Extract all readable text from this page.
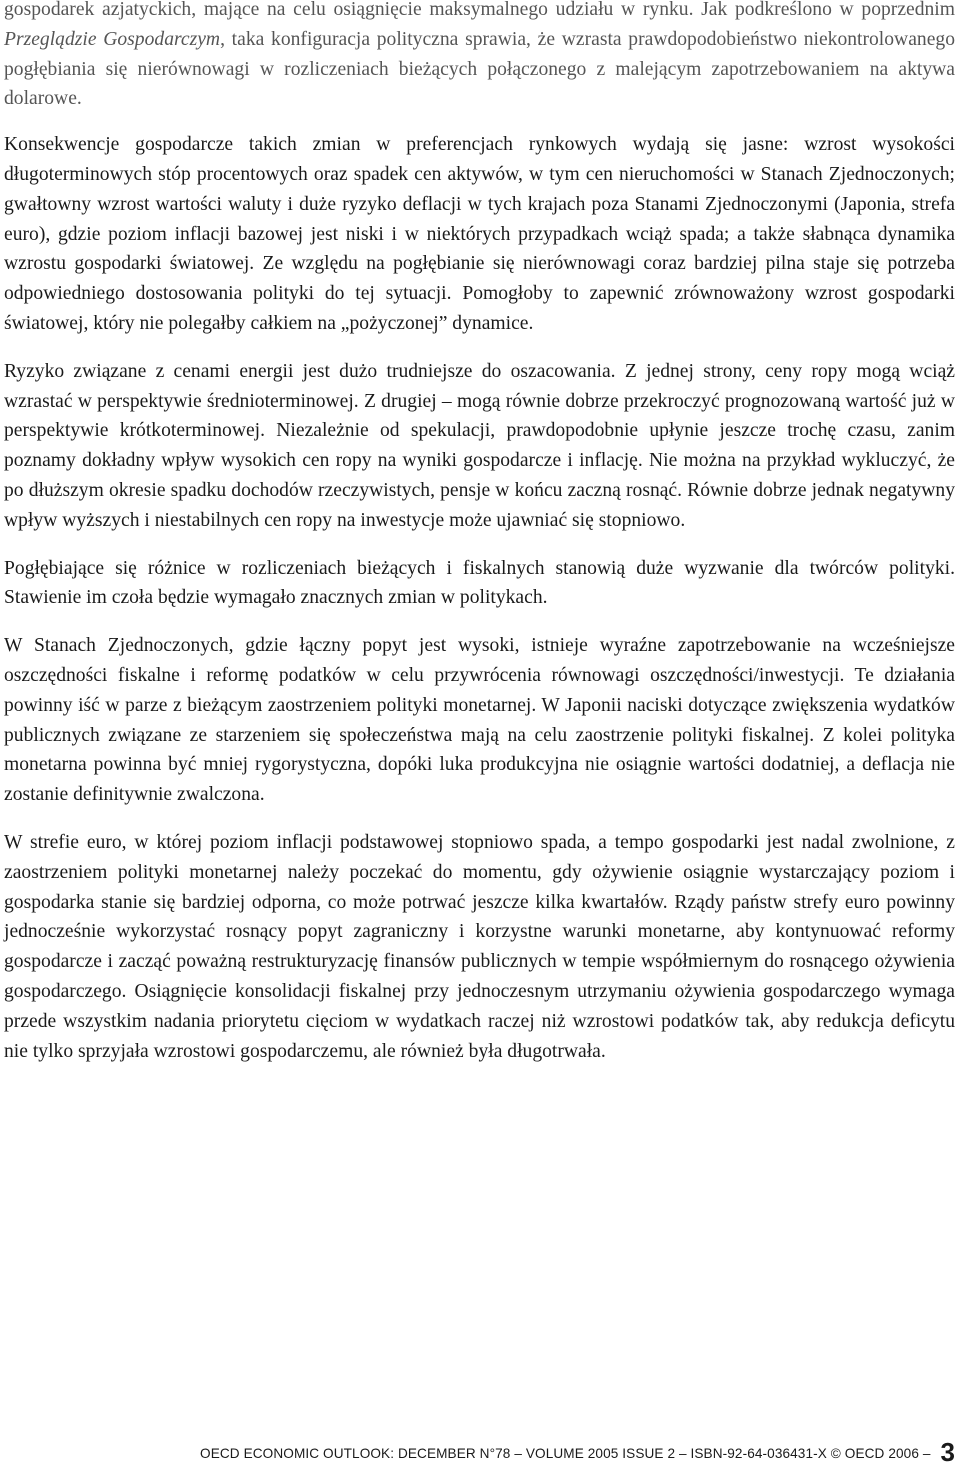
gospodarek azjatyckich, mające na celu osiągnięcie maksymalnego udziału w rynku. Jak podkreślono w poprzednim Przeglądzie Gospodarczym, taka konfiguracja polityczna sprawia, że wzrasta prawdopodobieństwo niekontrolowanego pogłębiania się nierównowagi w rozliczeniach bieżących połączonego z malejącym zapotrzebowaniem na aktywa dolarowe.

Konsekwencje gospodarcze takich zmian w preferencjach rynkowych wydają się jasne: wzrost wysokości długoterminowych stóp procentowych oraz spadek cen aktywów, w tym cen nieruchomości w Stanach Zjednoczonych; gwałtowny wzrost wartości waluty i duże ryzyko deflacji w tych krajach poza Stanami Zjednoczonymi (Japonia, strefa euro), gdzie poziom inflacji bazowej jest niski i w niektórych przypadkach wciąż spada; a także słabnąca dynamika wzrostu gospodarki światowej. Ze względu na pogłębianie się nierównowagi coraz bardziej pilna staje się potrzeba odpowiedniego dostosowania polityki do tej sytuacji. Pomogłoby to zapewnić zrównoważony wzrost gospodarki światowej, który nie polegałby całkiem na „pożyczonej” dynamice.

Ryzyko związane z cenami energii jest dużo trudniejsze do oszacowania. Z jednej strony, ceny ropy mogą wciąż wzrastać w perspektywie średnioterminowej. Z drugiej – mogą równie dobrze przekroczyć prognozowaną wartość już w perspektywie krótkoterminowej. Niezależnie od spekulacji, prawdopodobnie upłynie jeszcze trochę czasu, zanim poznamy dokładny wpływ wysokich cen ropy na wyniki gospodarcze i inflację. Nie można na przykład wykluczyć, że po dłuższym okresie spadku dochodów rzeczywistych, pensje w końcu zaczną rosnąć. Równie dobrze jednak negatywny wpływ wyższych i niestabilnych cen ropy na inwestycje może ujawniać się stopniowo.

Pogłębiające się różnice w rozliczeniach bieżących i fiskalnych stanowią duże wyzwanie dla twórców polityki. Stawienie im czoła będzie wymagało znacznych zmian w politykach.

W Stanach Zjednoczonych, gdzie łączny popyt jest wysoki, istnieje wyraźne zapotrzebowanie na wcześniejsze oszczędności fiskalne i reformę podatków w celu przywrócenia równowagi oszczędności/inwestycji. Te działania powinny iść w parze z bieżącym zaostrzeniem polityki monetarnej. W Japonii naciski dotyczące zwiększenia wydatków publicznych związane ze starzeniem się społeczeństwa mają na celu zaostrzenie polityki fiskalnej. Z kolei polityka monetarna powinna być mniej rygorystyczna, dopóki luka produkcyjna nie osiągnie wartości dodatniej, a deflacja nie zostanie definitywnie zwalczona.

W strefie euro, w której poziom inflacji podstawowej stopniowo spada, a tempo gospodarki jest nadal zwolnione, z zaostrzeniem polityki monetarnej należy poczekać do momentu, gdy ożywienie osiągnie wystarczający poziom i gospodarka stanie się bardziej odporna, co może potrwać jeszcze kilka kwartałów. Rządy państw strefy euro powinny jednocześnie wykorzystać rosnący popyt zagraniczny i korzystne warunki monetarne, aby kontynuować reformy gospodarcze i zacząć poważną restrukturyzację finansów publicznych w tempie współmiernym do rosnącego ożywienia gospodarczego. Osiągnięcie konsolidacji fiskalnej przy jednoczesnym utrzymaniu ożywienia gospodarczego wymaga przede wszystkim nadania priorytetu cięciom w wydatkach raczej niż wzrostowi podatków tak, aby redukcja deficytu nie tylko sprzyjała wzrostowi gospodarczemu, ale również była długotrwała.

OECD ECONOMIC OUTLOOK: DECEMBER N°78 – VOLUME 2005 ISSUE 2 – ISBN-92-64-036431-X © OECD 2006 – 3
